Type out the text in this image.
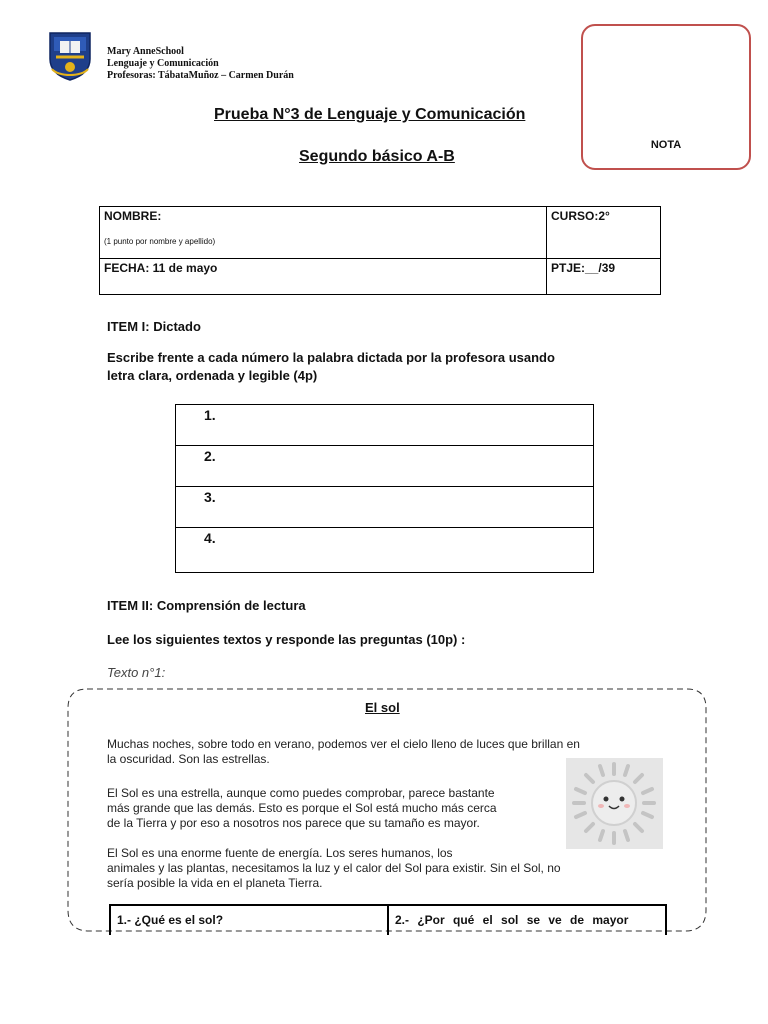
Mary AnneSchool
Lenguaje y Comunicación
Profesoras: TábataMuñoz – Carmen Durán
NOTA
Prueba N°3 de Lenguaje y Comunicación
Segundo básico A-B
NOMBRE:
(1 punto por nombre y apellido)	CURSO:2°
FECHA: 11 de mayo	PTJE:__/39
ITEM I: Dictado
Escribe frente a cada número la palabra dictada por la profesora usando
letra clara, ordenada y legible (4p)
1.
2.
3.
4.
ITEM II: Comprensión de lectura
Lee los siguientes textos y responde las preguntas (10p) :
Texto n°1:
El sol
Muchas noches, sobre todo en verano, podemos ver el cielo lleno de luces que brillan en
la oscuridad. Son las estrellas.
El Sol es una estrella, aunque como puedes comprobar, parece bastante
más grande que las demás. Esto es porque el Sol está mucho más cerca
de la Tierra y por eso a nosotros nos parece que su tamaño es mayor.
El Sol es una enorme fuente de energía. Los seres humanos, los
animales y las plantas, necesitamos la luz y el calor del Sol para existir. Sin el Sol, no
sería posible la vida en el planeta Tierra.
1.- ¿Qué es el sol?	2.- ¿Por qué el sol se ve de mayor
